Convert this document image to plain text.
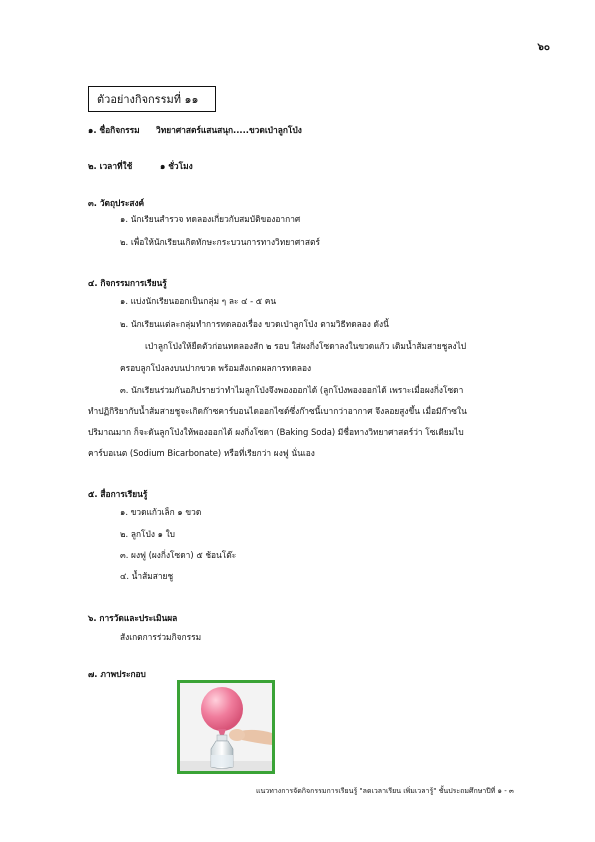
๖๐
ตัวอย่างกิจกรรมที่ ๑๑
๑. ชื่อกิจกรรม วิทยาศาสตร์แสนสนุก.....ขวดเป่าลูกโป่ง
๒. เวลาที่ใช้	๑ ชั่วโมง
๓. วัตถุประสงค์
๑. นักเรียนสำรวจ ทดลองเกี่ยวกับสมบัติของอากาศ
๒. เพื่อให้นักเรียนเกิดทักษะกระบวนการทางวิทยาศาสตร์
๔. กิจกรรมการเรียนรู้
๑. แบ่งนักเรียนออกเป็นกลุ่ม ๆ ละ ๔ - ๕ คน
๒. นักเรียนแต่ละกลุ่มทำการทดลองเรื่อง ขวดเป่าลูกโป่ง ตามวิธีทดลอง ดังนี้
เป่าลูกโป่งให้ยืดตัวก่อนทดลองสัก ๒ รอบ ใส่ผงกิ่งโซดาลงในขวดแก้ว เติมน้ำส้มสายชูลงไป
ครอบลูกโป่งลงบนปากขวด พร้อมสังเกตผลการทดลอง
๓. นักเรียนร่วมกันอภิปรายว่าทำไมลูกโป่งจึงพองออกได้ (ลูกโป่งพองออกได้ เพราะเมื่อผงกิ่งโซดา
ทำปฏิกิริยากับน้ำส้มสายชูจะเกิดก๊าซคาร์บอนไดออกไซด์ซึ่งก๊าซนี้เบากว่าอากาศ จึงลอยสูงขึ้น เมื่อมีก๊าซใน
ปริมาณมาก ก็จะดันลูกโป่งให้พองออกได้ ผงกิ่งโซดา (Baking Soda) มีชื่อทางวิทยาศาสตร์ว่า โซเดียมไบ
คาร์บอเนต (Sodium Bicarbonate) หรือที่เรียกว่า ผงฟู นั่นเอง
๕. สื่อการเรียนรู้
๑. ขวดแก้วเล็ก ๑ ขวด
๒. ลูกโป่ง ๑ ใบ
๓. ผงฟู (ผงกิ่งโซดา) ๕ ช้อนโต๊ะ
๔. น้ำส้มสายชู
๖. การวัดและประเมินผล
สังเกตการร่วมกิจกรรม
๗. ภาพประกอบ
แนวทางการจัดกิจกรรมการเรียนรู้ "ลดเวลาเรียน เพิ่มเวลารู้" ชั้นประถมศึกษาปีที่ ๑ - ๓
